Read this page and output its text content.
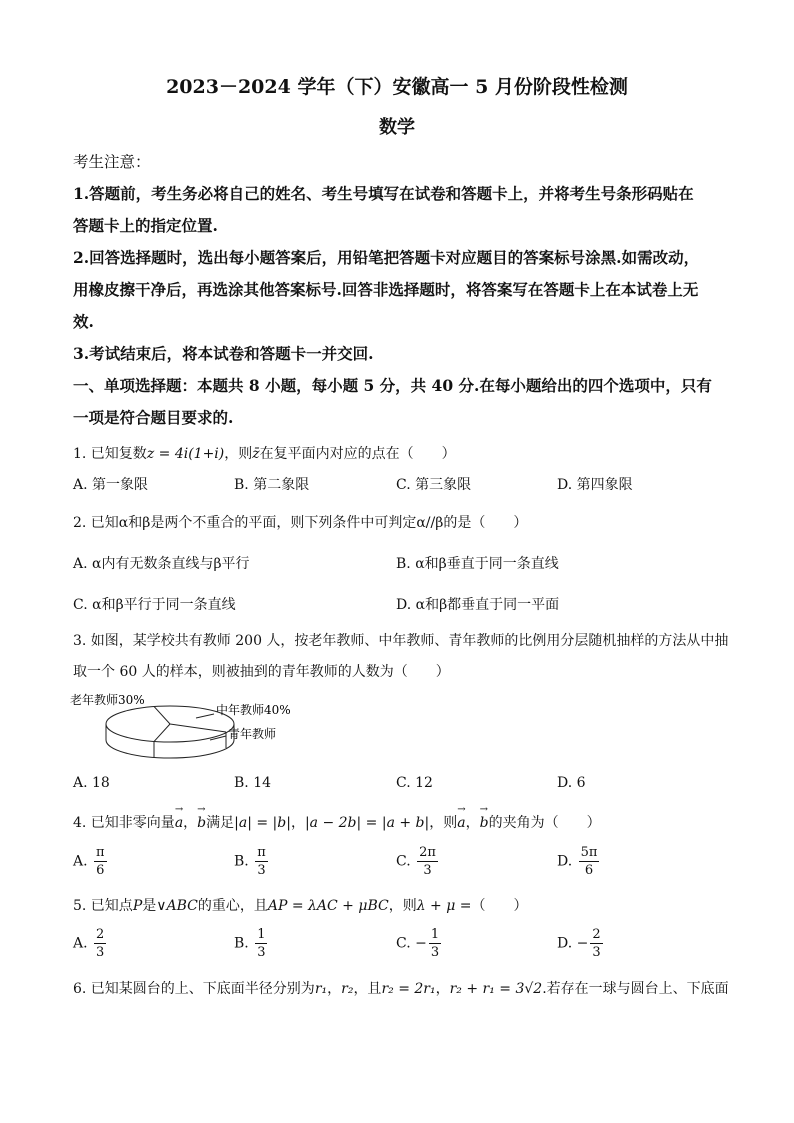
2023－2024 学年（下）安徽高一 5 月份阶段性检测
数学
考生注意：
1.答题前，考生务必将自己的姓名、考生号填写在试卷和答题卡上，并将考生号条形码贴在
答题卡上的指定位置.
2.回答选择题时，选出每小题答案后，用铅笔把答题卡对应题目的答案标号涂黑.如需改动，
用橡皮擦干净后，再选涂其他答案标号.回答非选择题时，将答案写在答题卡上在本试卷上无
效.
3.考试结束后，将本试卷和答题卡一并交回.
一、单项选择题：本题共 8 小题，每小题 5 分，共 40 分.在每小题给出的四个选项中，只有
一项是符合题目要求的.
1. 已知复数z = 4i(1+i)，则z̄在复平面内对应的点在（　　）
A. 第一象限	B. 第二象限	C. 第三象限	D. 第四象限
2. 已知α和β是两个不重合的平面，则下列条件中可判定α//β的是（　　）
A. α内有无数条直线与β平行	B. α和β垂直于同一条直线
C. α和β平行于同一条直线	D. α和β都垂直于同一平面
3. 如图，某学校共有教师 200 人，按老年教师、中年教师、青年教师的比例用分层随机抽样的方法从中抽
取一个 60 人的样本，则被抽到的青年教师的人数为（　　）
老年教师30%
中年教师40%
青年教师
A. 18	B. 14	C. 12	D. 6
4. 已知非零向量→ a，→ b满足|a| = |b|，|a − 2b| = |a + b|，则→ a，→ b的夹角为（　　）
A. $\frac{\pi}{6}$	B. $\frac{\pi}{3}$	C. $\frac{2\pi}{3}$	D. $\frac{5\pi}{6}$
5. 已知点P是∨ABC的重心，且AP = λAC + μBC，则λ + μ =（　　）
A. $\frac{2}{3}$	B. $\frac{1}{3}$	C. − $\frac{1}{3}$	D. − $\frac{2}{3}$
6. 已知某圆台的上、下底面半径分别为r₁，r₂，且r₂ = 2r₁，r₂ + r₁ = 3√2.若存在一球与圆台上、下底面
